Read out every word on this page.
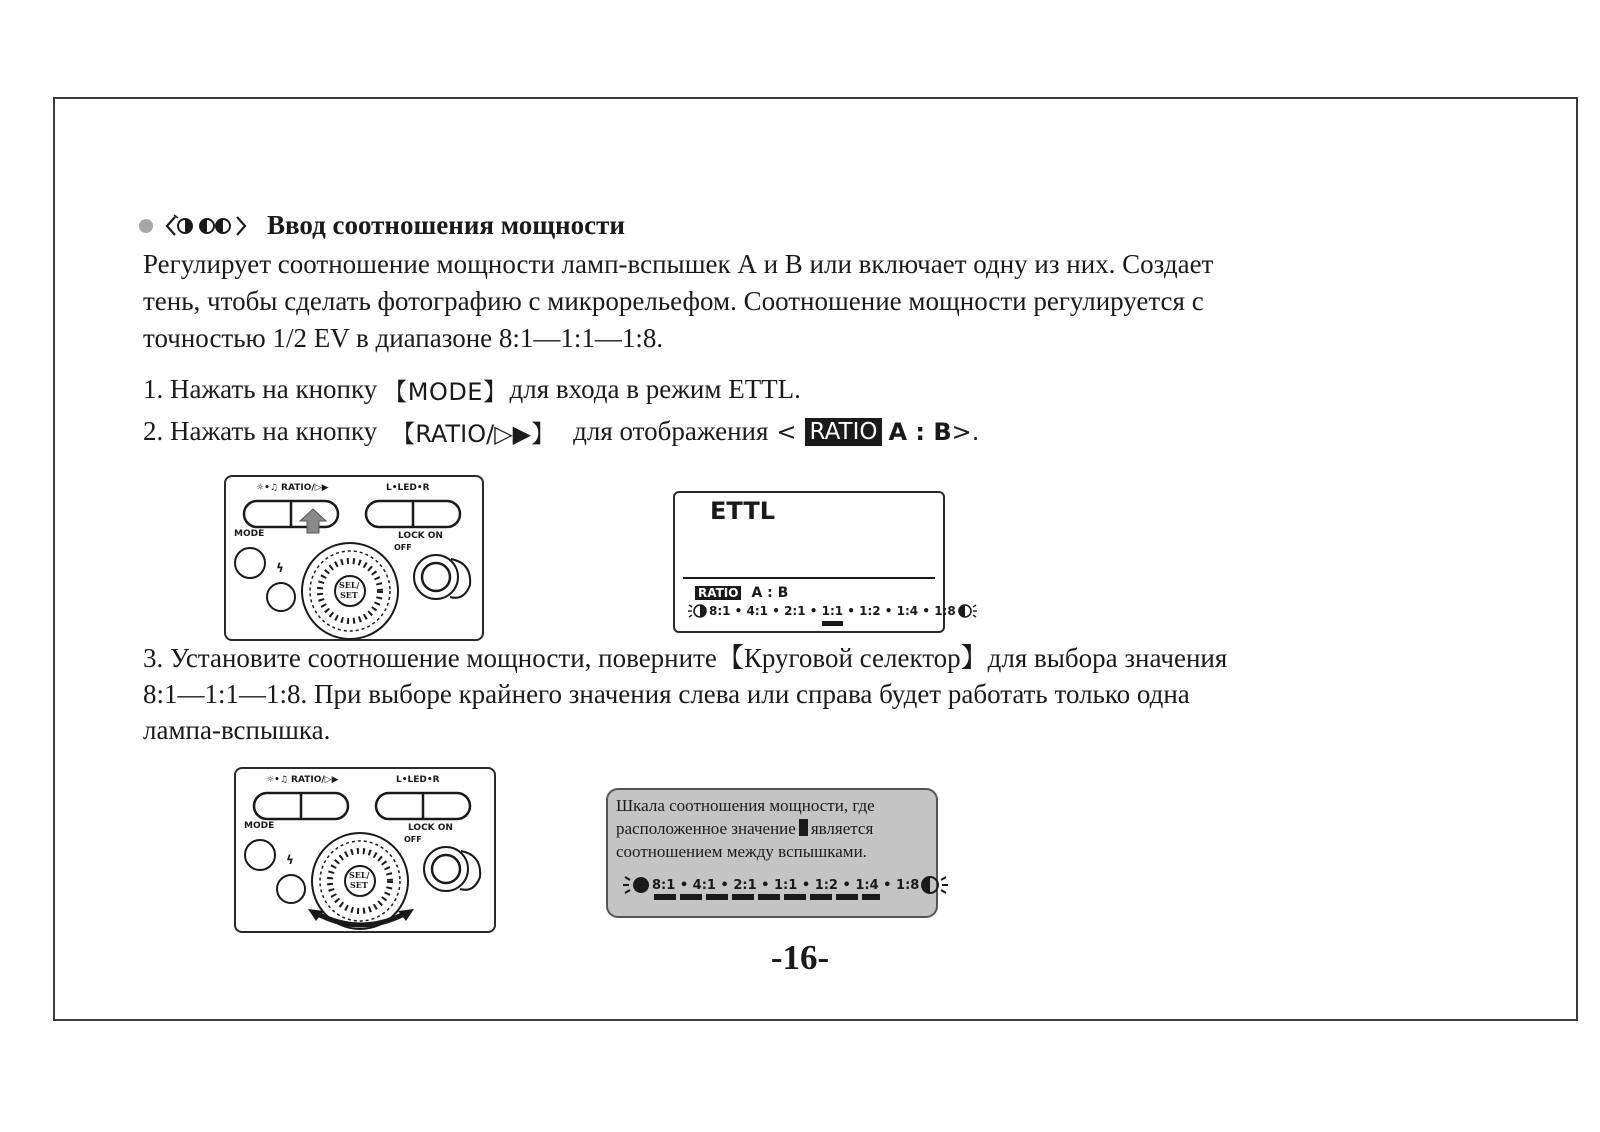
Ввод соотношения мощности
Регулирует соотношение мощности ламп-вспышек А и В или включает одну из них. Создает
тень, чтобы сделать фотографию с микрорельефом. Соотношение мощности регулируется с
точностью 1/2 EV в диапазоне 8:1—1:1—1:8.
1. Нажать на кнопку 【MODE】 для входа в режим ETTL.
2. Нажать на кнопку 【RATIO/▷▶】 для отображения < RATIO A : B >.
☼•♫ RATIO/▷▶	L•LED•R
MODE
ϟ
LOCK ON
OFF
SEL/
SET
ETTL
RATIO A : B
8:1 • 4:1 • 2:1 • 1:1 • 1:2 • 1:4 • 1:8
3. Установите соотношение мощности, поверните【Круговой селектор】для выбора значения
8:1—1:1—1:8. При выборе крайнего значения слева или справа будет работать только одна
лампа-вспышка.
☼•♫ RATIO/▷▶	L•LED•R
MODE
ϟ
LOCK ON
OFF
SEL/
SET
Шкала соотношения мощности, где
расположенное значение является
соотношением между вспышками.
8:1 • 4:1 • 2:1 • 1:1 • 1:2 • 1:4 • 1:8
-16-
